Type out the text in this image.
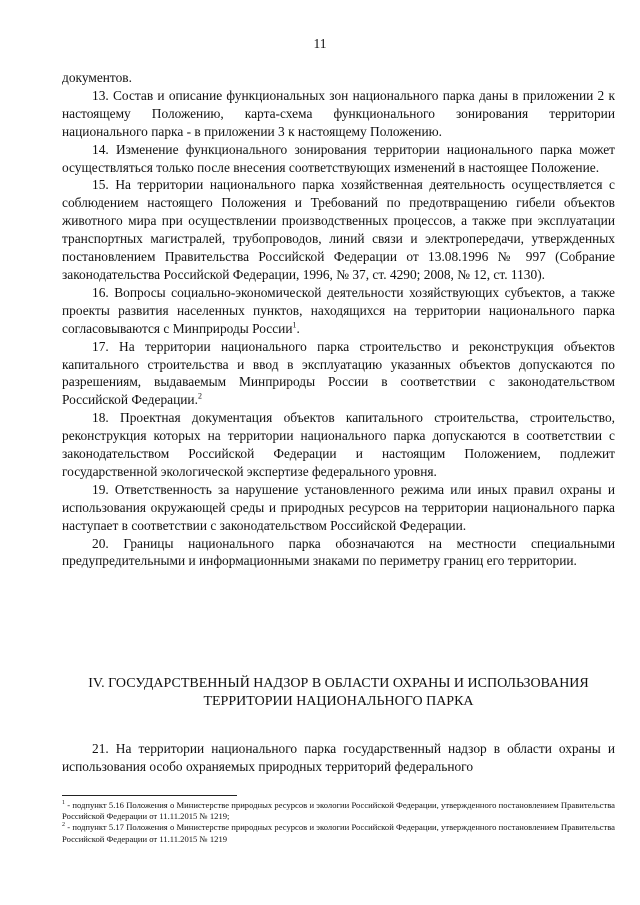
11

документов.

13. Состав и описание функциональных зон национального парка даны в приложении 2 к настоящему Положению, карта-схема функционального зонирования территории национального парка - в приложении 3 к настоящему Положению.

14. Изменение функционального зонирования территории национального парка может осуществляться только после внесения соответствующих изменений в настоящее Положение.

15. На территории национального парка хозяйственная деятельность осуществляется с соблюдением настоящего Положения и Требований по предотвращению гибели объектов животного мира при осуществлении производственных процессов, а также при эксплуатации транспортных магистралей, трубопроводов, линий связи и электропередачи, утвержденных постановлением Правительства Российской Федерации от 13.08.1996 № 997 (Собрание законодательства Российской Федерации, 1996, № 37, ст. 4290; 2008, № 12, ст. 1130).

16. Вопросы социально-экономической деятельности хозяйствующих субъектов, а также проекты развития населенных пунктов, находящихся на территории национального парка согласовываются с Минприроды России$^1$.

17. На территории национального парка строительство и реконструкция объектов капитального строительства и ввод в эксплуатацию указанных объектов допускаются по разрешениям, выдаваемым Минприроды России в соответствии с законодательством Российской Федерации.$^2$

18. Проектная документация объектов капитального строительства, строительство, реконструкция которых на территории национального парка допускаются в соответствии с законодательством Российской Федерации и настоящим Положением, подлежит государственной экологической экспертизе федерального уровня.

19. Ответственность за нарушение установленного режима или иных правил охраны и использования окружающей среды и природных ресурсов на территории национального парка наступает в соответствии с законодательством Российской Федерации.

20. Границы национального парка обозначаются на местности специальными предупредительными и информационными знаками по периметру границ его территории.

IV. ГОСУДАРСТВЕННЫЙ НАДЗОР В ОБЛАСТИ ОХРАНЫ И ИСПОЛЬЗОВАНИЯ
ТЕРРИТОРИИ НАЦИОНАЛЬНОГО ПАРКА

21. На территории национального парка государственный надзор в области охраны и использования особо охраняемых природных территорий федерального

$^1$ - подпункт 5.16 Положения о Министерстве природных ресурсов и экологии Российской Федерации, утвержденного постановлением Правительства Российской Федерации от 11.11.2015 № 1219;

$^2$ - подпункт 5.17 Положения о Министерстве природных ресурсов и экологии Российской Федерации, утвержденного постановлением Правительства Российской Федерации от 11.11.2015 № 1219
